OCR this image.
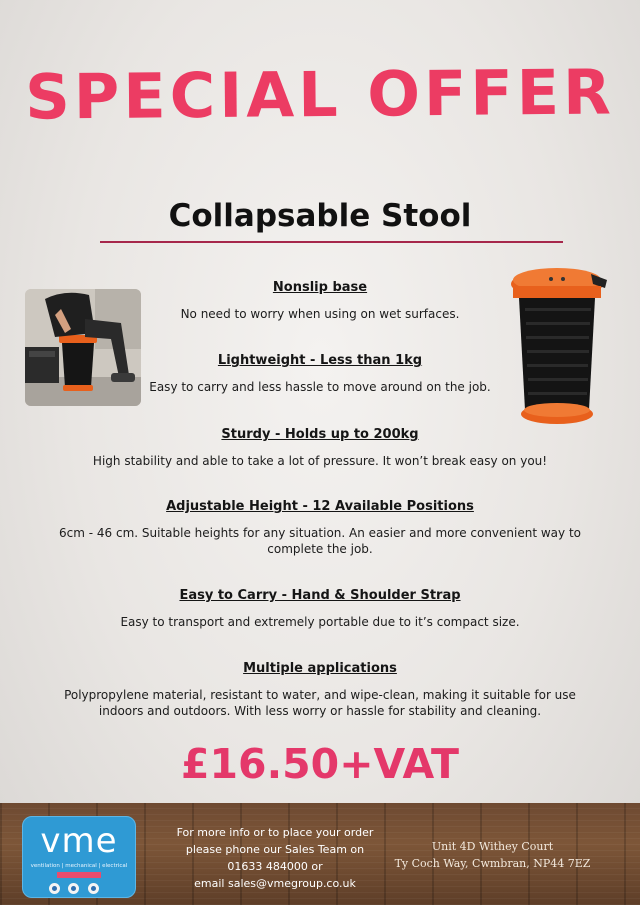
SPECIAL OFFER
Collapsable Stool
Nonslip base

No need to worry when using on wet surfaces.

Lightweight - Less than 1kg

Easy to carry and less hassle to move around on the job.

Sturdy - Holds up to 200kg

High stability and able to take a lot of pressure. It won’t break easy on you!

Adjustable Height - 12 Available Positions

6cm - 46 cm. Suitable heights for any situation. An easier and more convenient way to complete the job.

Easy to Carry - Hand & Shoulder Strap

Easy to transport and extremely portable due to it’s compact size.

Multiple applications

Polypropylene material, resistant to water, and wipe-clean, making it suitable for use indoors and outdoors. With less worry or hassle for stability and cleaning.

£16.50+VAT
vme
ventilation | mechanical | electrical

For more info or to place your order
please phone our Sales Team on
01633 484000 or
email sales@vmegroup.co.uk
Unit 4D Withey Court
Ty Coch Way, Cwmbran, NP44 7EZ
